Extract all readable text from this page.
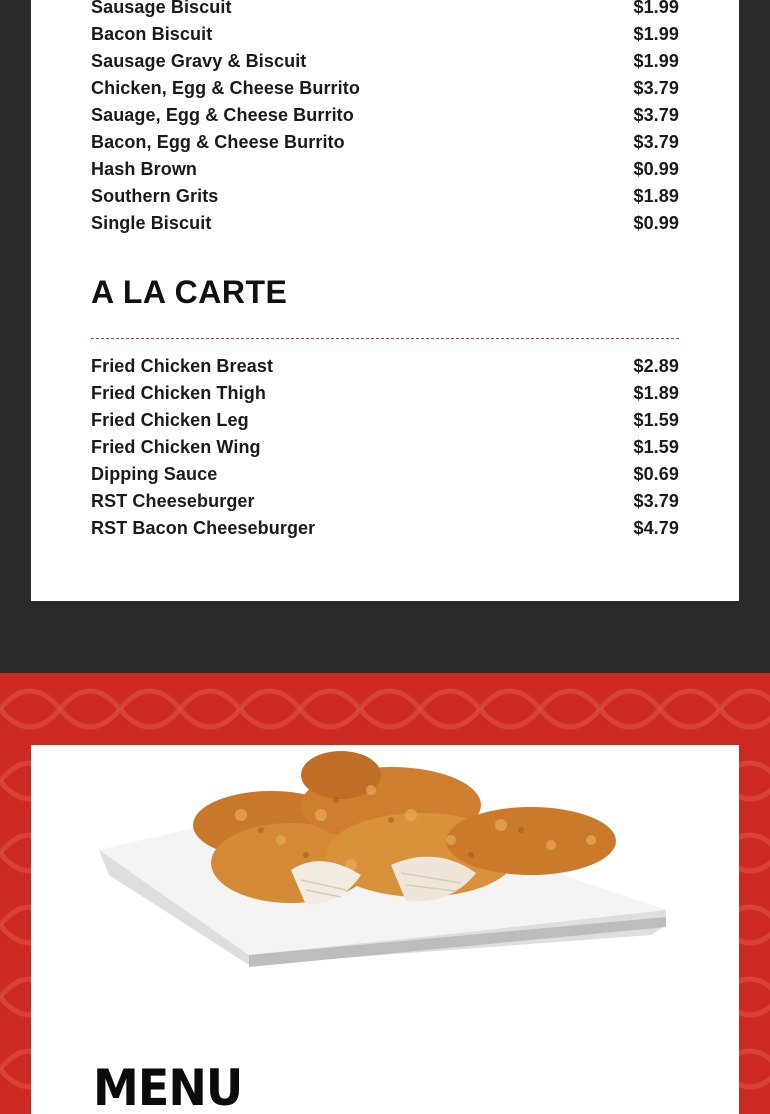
Sausage Biscuit	$1.99
Bacon Biscuit	$1.99
Sausage Gravy & Biscuit	$1.99
Chicken, Egg & Cheese Burrito	$3.79
Sauage, Egg & Cheese Burrito	$3.79
Bacon, Egg & Cheese Burrito	$3.79
Hash Brown	$0.99
Southern Grits	$1.89
Single Biscuit	$0.99
A LA CARTE
Fried Chicken Breast	$2.89
Fried Chicken Thigh	$1.89
Fried Chicken Leg	$1.59
Fried Chicken Wing	$1.59
Dipping Sauce	$0.69
RST Cheeseburger	$3.79
RST Bacon Cheeseburger	$4.79
MENU
